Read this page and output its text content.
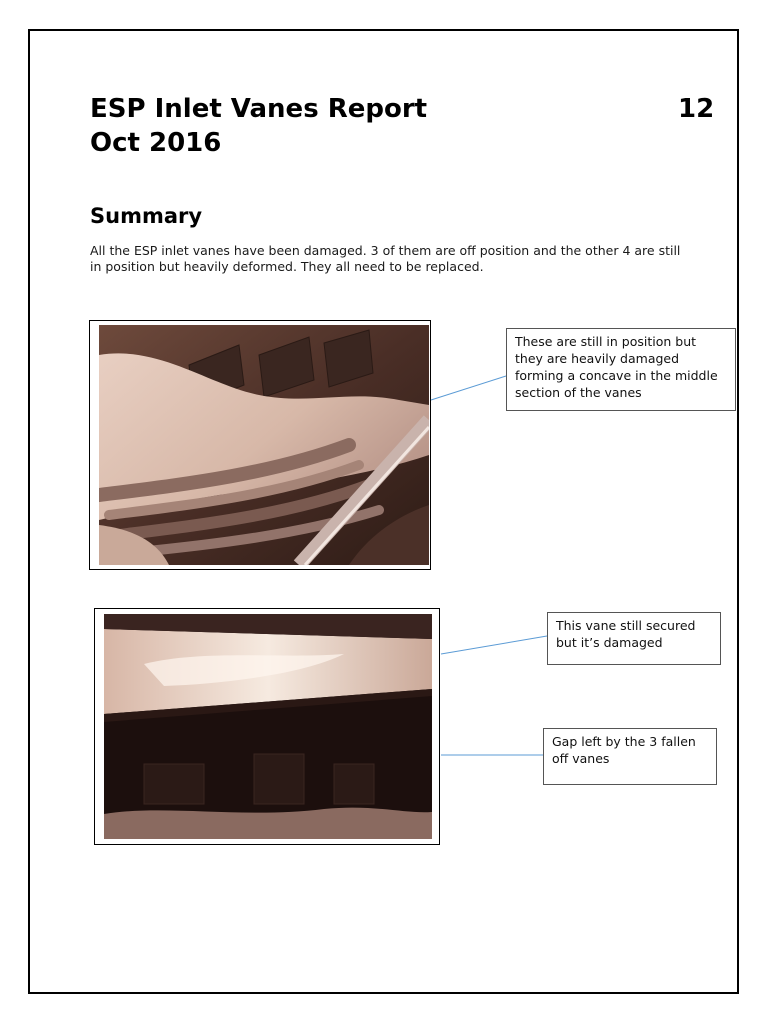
ESP Inlet Vanes Report
Oct 2016
12
Summary

All the ESP inlet vanes have been damaged. 3 of them are off position and the other 4 are still in position but heavily deformed. They all need to be replaced.

These are still in position but they are heavily damaged forming a concave in the middle section of the vanes
This vane still secured but it’s damaged
Gap left by the 3 fallen off vanes
